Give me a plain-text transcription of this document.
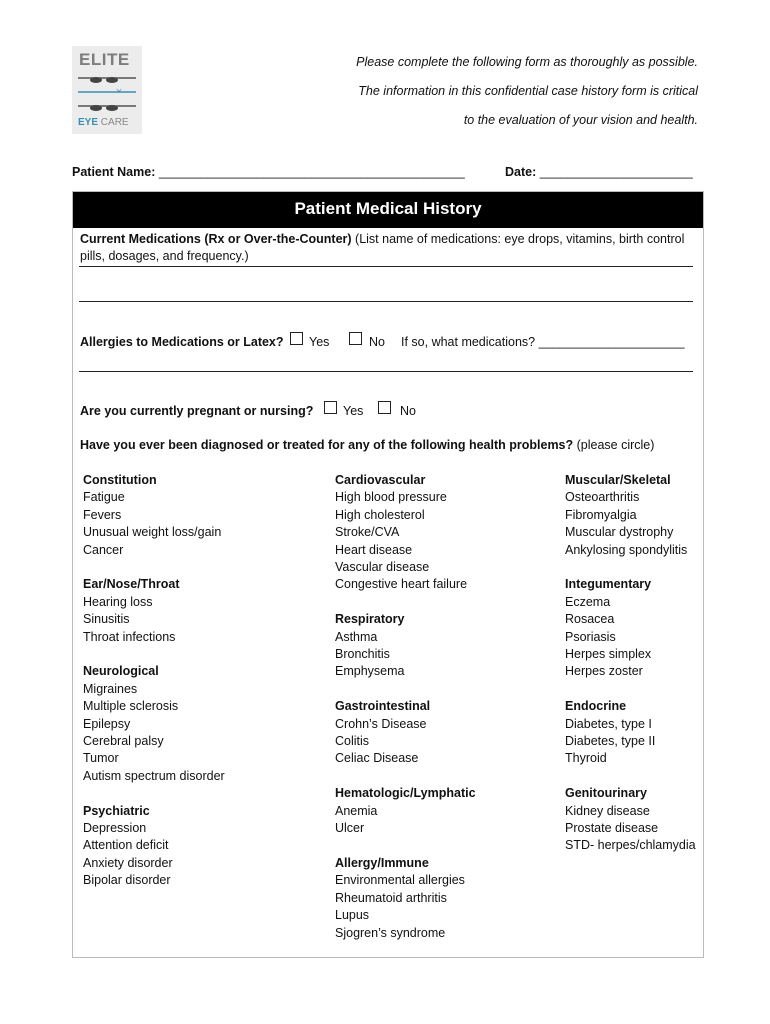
ELITE
EYE CARE
Please complete the following form as thoroughly as possible.
The information in this confidential case history form is critical
to the evaluation of your vision and health.
Patient Name: ____________________________________________	Date: ______________________
Patient Medical History
Current Medications (Rx or Over-the-Counter) (List name of medications: eye drops, vitamins, birth control
pills, dosages, and frequency.)
Allergies to Medications or Latex? Yes	No If so, what medications? _____________________
Are you currently pregnant or nursing? Yes	No
Have you ever been diagnosed or treated for any of the following health problems? (please circle)
Constitution
Fatigue
Fevers
Unusual weight loss/gain
Cancer
Ear/Nose/Throat
Hearing loss
Sinusitis
Throat infections
Neurological
Migraines
Multiple sclerosis
Epilepsy
Cerebral palsy
Tumor
Autism spectrum disorder
Psychiatric
Depression
Attention deficit
Anxiety disorder
Bipolar disorder
Cardiovascular
High blood pressure
High cholesterol
Stroke/CVA
Heart disease
Vascular disease
Congestive heart failure
Respiratory
Asthma
Bronchitis
Emphysema
Gastrointestinal
Crohn’s Disease
Colitis
Celiac Disease
Hematologic/Lymphatic
Anemia
Ulcer
Allergy/Immune
Environmental allergies
Rheumatoid arthritis
Lupus
Sjogren’s syndrome
Muscular/Skeletal
Osteoarthritis
Fibromyalgia
Muscular dystrophy
Ankylosing spondylitis
Integumentary
Eczema
Rosacea
Psoriasis
Herpes simplex
Herpes zoster
Endocrine
Diabetes, type I
Diabetes, type II
Thyroid
Genitourinary
Kidney disease
Prostate disease
STD- herpes/chlamydia
